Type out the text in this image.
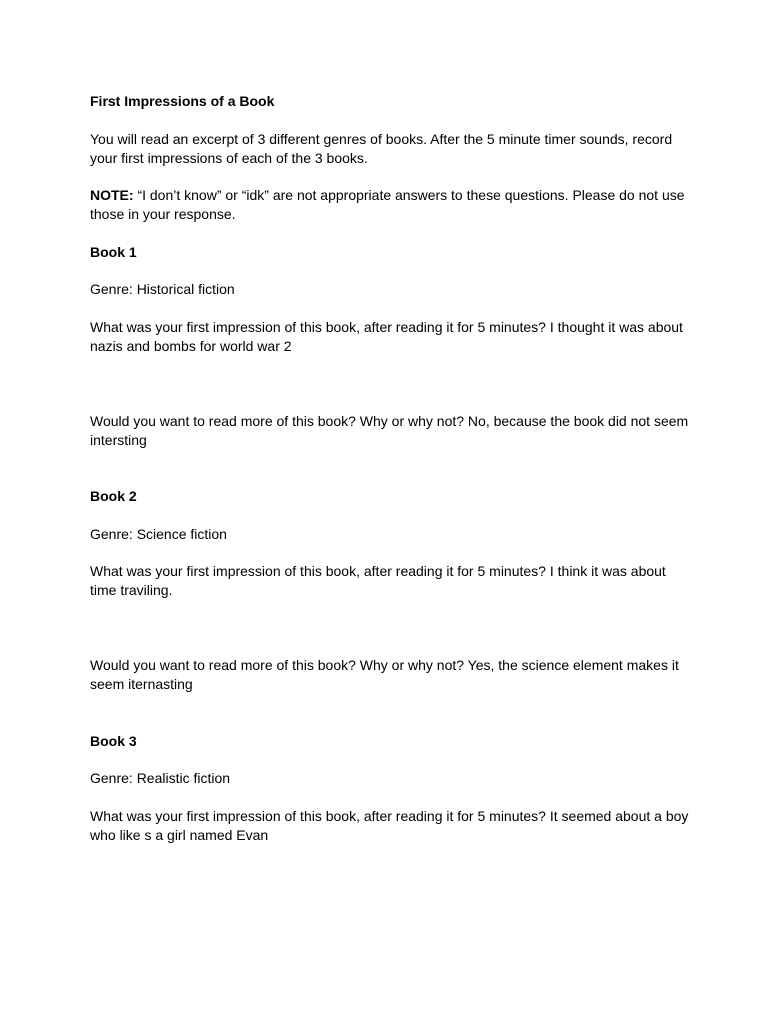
First Impressions of a Book

You will read an excerpt of 3 different genres of books. After the 5 minute timer sounds, record your first impressions of each of the 3 books.

NOTE: “I don’t know” or “idk” are not appropriate answers to these questions. Please do not use those in your response.

Book 1

Genre: Historical fiction

What was your first impression of this book, after reading it for 5 minutes? I thought it was about nazis and bombs for world war 2

Would you want to read more of this book? Why or why not? No, because the book did not seem intersting

Book 2

Genre: Science fiction

What was your first impression of this book, after reading it for 5 minutes? I think it was about time traviling.

Would you want to read more of this book? Why or why not? Yes, the science element makes it seem iternasting

Book 3

Genre: Realistic fiction

What was your first impression of this book, after reading it for 5 minutes? It seemed about a boy who like s a girl named Evan
